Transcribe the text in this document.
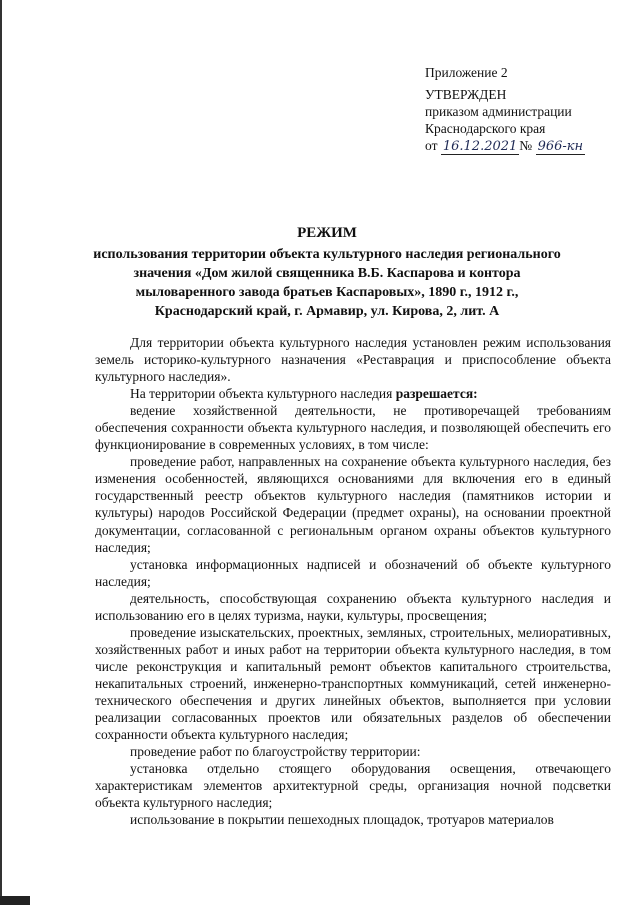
Приложение 2
УТВЕРЖДЕН
приказом администрации
Краснодарского края
от 16.12.2021 № 966-кн
РЕЖИМ
использования территории объекта культурного наследия регионального
значения «Дом жилой священника В.Б. Каспарова и контора
мыловаренного завода братьев Каспаровых», 1890 г., 1912 г.,
Краснодарский край, г. Армавир, ул. Кирова, 2, лит. А

Для территории объекта культурного наследия установлен режим использования земель историко-культурного назначения «Реставрация и приспособление объекта культурного наследия».

На территории объекта культурного наследия разрешается:

ведение хозяйственной деятельности, не противоречащей требованиям обеспечения сохранности объекта культурного наследия, и позволяющей обеспечить его функционирование в современных условиях, в том числе:

проведение работ, направленных на сохранение объекта культурного наследия, без изменения особенностей, являющихся основаниями для включения его в единый государственный реестр объектов культурного наследия (памятников истории и культуры) народов Российской Федерации (предмет охраны), на основании проектной документации, согласованной с региональным органом охраны объектов культурного наследия;

установка информационных надписей и обозначений об объекте культурного наследия;

деятельность, способствующая сохранению объекта культурного наследия и использованию его в целях туризма, науки, культуры, просвещения;

проведение изыскательских, проектных, земляных, строительных, мелиоративных, хозяйственных работ и иных работ на территории объекта культурного наследия, в том числе реконструкция и капитальный ремонт объектов капитального строительства, некапитальных строений, инженерно-транспортных коммуникаций, сетей инженерно-технического обеспечения и других линейных объектов, выполняется при условии реализации согласованных проектов или обязательных разделов об обеспечении сохранности объекта культурного наследия;

проведение работ по благоустройству территории:

установка отдельно стоящего оборудования освещения, отвечающего характеристикам элементов архитектурной среды, организация ночной подсветки объекта культурного наследия;

использование в покрытии пешеходных площадок, тротуаров материалов
